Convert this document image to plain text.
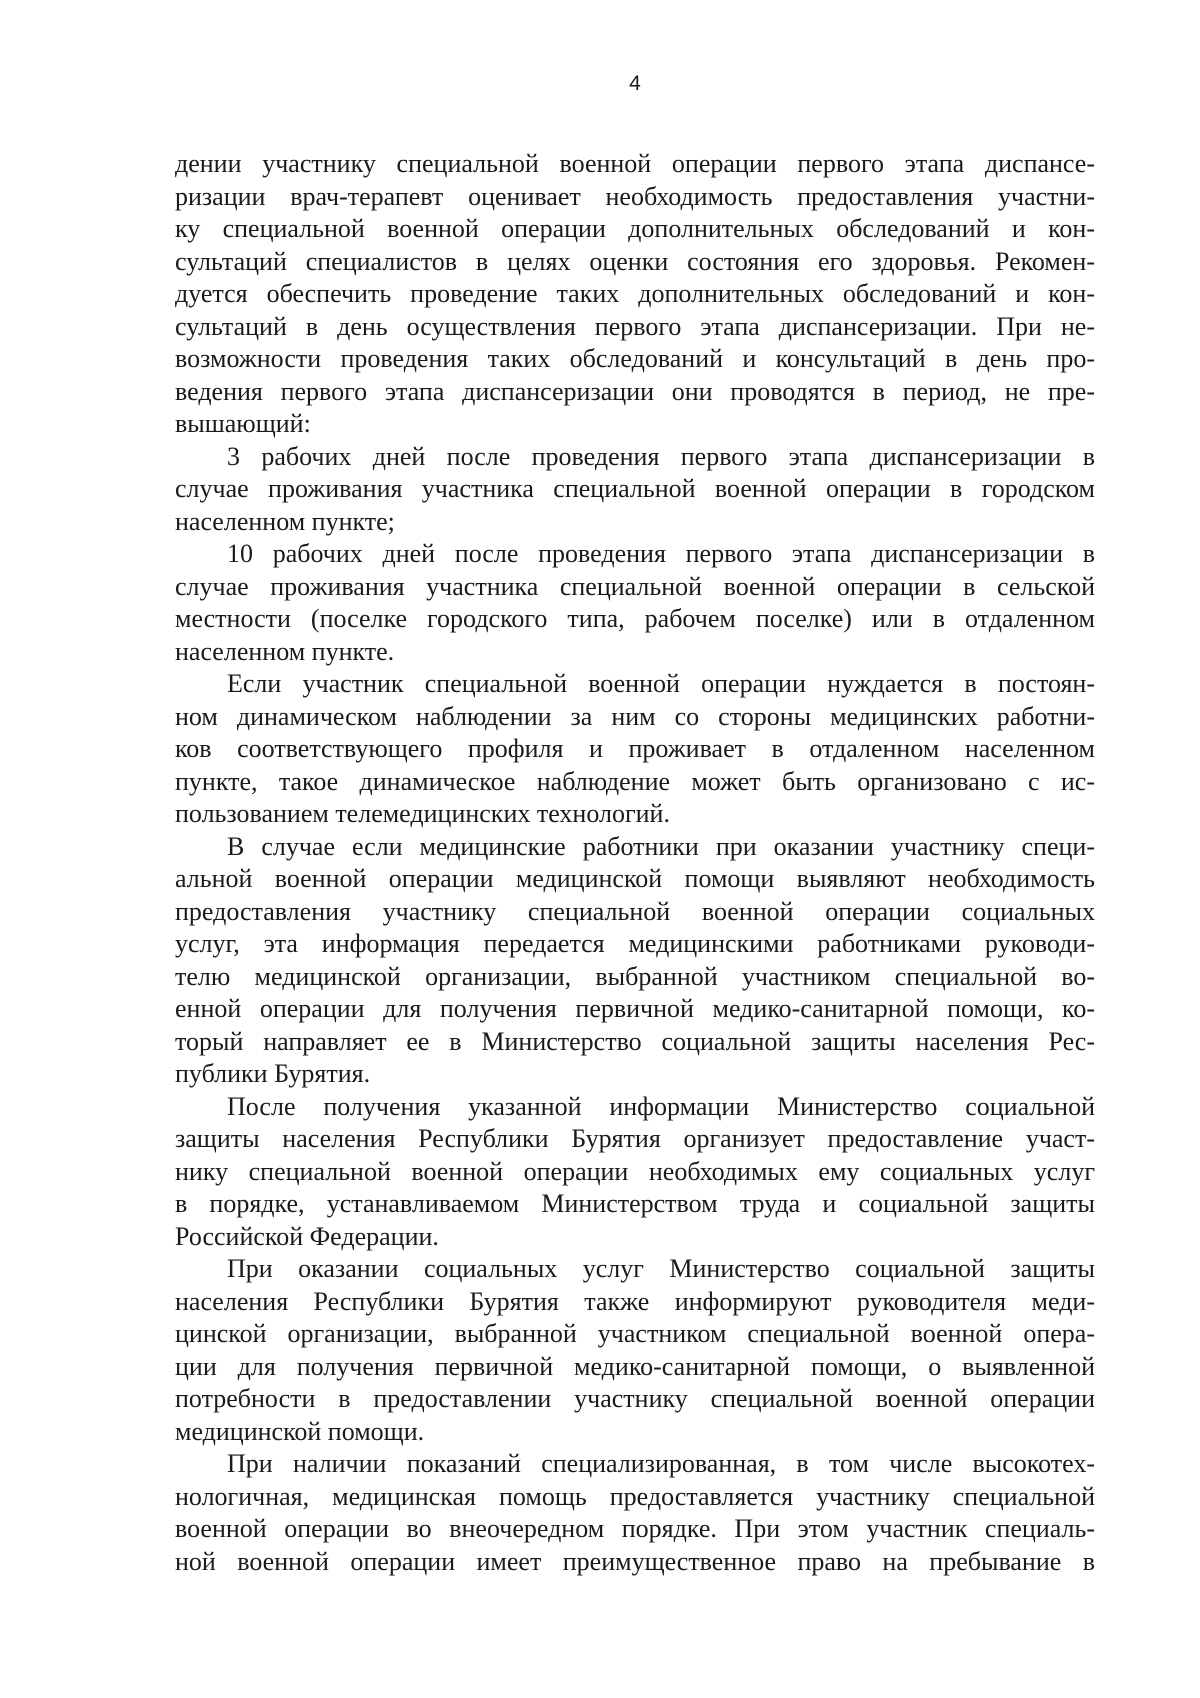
4
дении участнику специальной военной операции первого этапа диспансе-
ризации врач-терапевт оценивает необходимость предоставления участни-
ку специальной военной операции дополнительных обследований и кон-
сультаций специалистов в целях оценки состояния его здоровья. Рекомен-
дуется обеспечить проведение таких дополнительных обследований и кон-
сультаций в день осуществления первого этапа диспансеризации. При не-
возможности проведения таких обследований и консультаций в день про-
ведения первого этапа диспансеризации они проводятся в период, не пре-
вышающий:
3 рабочих дней после проведения первого этапа диспансеризации в
случае проживания участника специальной военной операции в городском
населенном пункте;
10 рабочих дней после проведения первого этапа диспансеризации в
случае проживания участника специальной военной операции в сельской
местности (поселке городского типа, рабочем поселке) или в отдаленном
населенном пункте.
Если участник специальной военной операции нуждается в постоян-
ном динамическом наблюдении за ним со стороны медицинских работни-
ков соответствующего профиля и проживает в отдаленном населенном
пункте, такое динамическое наблюдение может быть организовано с ис-
пользованием телемедицинских технологий.
В случае если медицинские работники при оказании участнику специ-
альной военной операции медицинской помощи выявляют необходимость
предоставления участнику специальной военной операции социальных
услуг, эта информация передается медицинскими работниками руководи-
телю медицинской организации, выбранной участником специальной во-
енной операции для получения первичной медико-санитарной помощи, ко-
торый направляет ее в Министерство социальной защиты населения Рес-
публики Бурятия.
После получения указанной информации Министерство социальной
защиты населения Республики Бурятия организует предоставление участ-
нику специальной военной операции необходимых ему социальных услуг
в порядке, устанавливаемом Министерством труда и социальной защиты
Российской Федерации.
При оказании социальных услуг Министерство социальной защиты
населения Республики Бурятия также информируют руководителя меди-
цинской организации, выбранной участником специальной военной опера-
ции для получения первичной медико-санитарной помощи, о выявленной
потребности в предоставлении участнику специальной военной операции
медицинской помощи.
При наличии показаний специализированная, в том числе высокотех-
нологичная, медицинская помощь предоставляется участнику специальной
военной операции во внеочередном порядке. При этом участник специаль-
ной военной операции имеет преимущественное право на пребывание в
